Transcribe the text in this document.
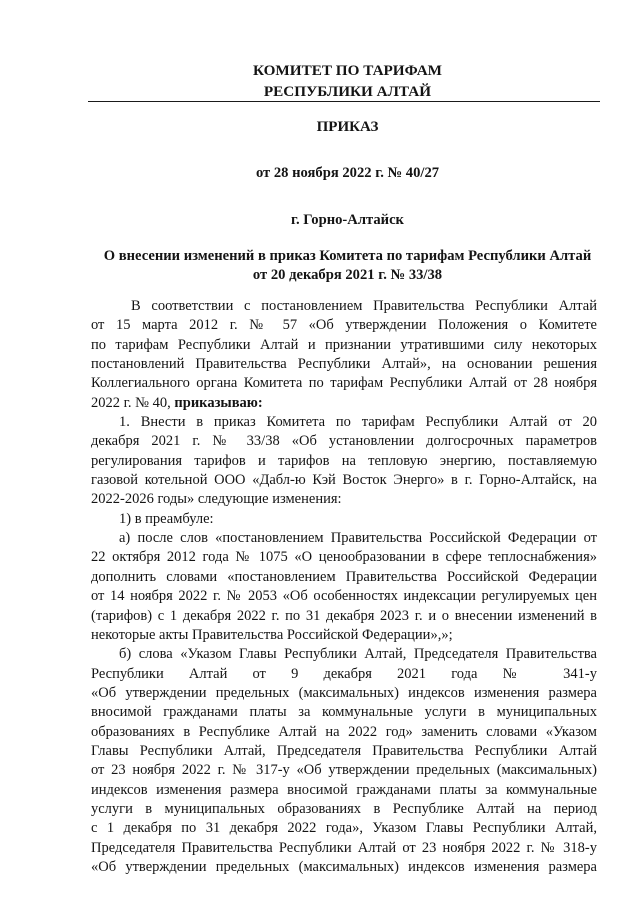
КОМИТЕТ ПО ТАРИФАМ
РЕСПУБЛИКИ АЛТАЙ
ПРИКАЗ
от 28 ноября 2022 г. № 40/27
г. Горно-Алтайск
О внесении изменений в приказ Комитета по тарифам Республики Алтай
от 20 декабря 2021 г. № 33/38
В соответствии с постановлением Правительства Республики Алтай
от 15 марта 2012 г. № 57 «Об утверждении Положения о Комитете
по тарифам Республики Алтай и признании утратившими силу некоторых
постановлений Правительства Республики Алтай», на основании решения
Коллегиального органа Комитета по тарифам Республики Алтай от 28 ноября
2022 г. № 40, приказываю:
1. Внести в приказ Комитета по тарифам Республики Алтай от 20
декабря 2021 г. № 33/38 «Об установлении долгосрочных параметров
регулирования тарифов и тарифов на тепловую энергию, поставляемую
газовой котельной ООО «Дабл-ю Кэй Восток Энерго» в г. Горно-Алтайск, на
2022-2026 годы» следующие изменения:
1) в преамбуле:
а) после слов «постановлением Правительства Российской Федерации от
22 октября 2012 года № 1075 «О ценообразовании в сфере теплоснабжения»
дополнить словами «постановлением Правительства Российской Федерации
от 14 ноября 2022 г. № 2053 «Об особенностях индексации регулируемых цен
(тарифов) с 1 декабря 2022 г. по 31 декабря 2023 г. и о внесении изменений в
некоторые акты Правительства Российской Федерации»,»;
б) слова «Указом Главы Республики Алтай, Председателя Правительства
Республики Алтай от 9 декабря 2021 года № 341-у
«Об утверждении предельных (максимальных) индексов изменения размера
вносимой гражданами платы за коммунальные услуги в муниципальных
образованиях в Республике Алтай на 2022 год» заменить словами «Указом
Главы Республики Алтай, Председателя Правительства Республики Алтай
от 23 ноября 2022 г. № 317-у «Об утверждении предельных (максимальных)
индексов изменения размера вносимой гражданами платы за коммунальные
услуги в муниципальных образованиях в Республике Алтай на период
с 1 декабря по 31 декабря 2022 года», Указом Главы Республики Алтай,
Председателя Правительства Республики Алтай от 23 ноября 2022 г. № 318-у
«Об утверждении предельных (максимальных) индексов изменения размера
